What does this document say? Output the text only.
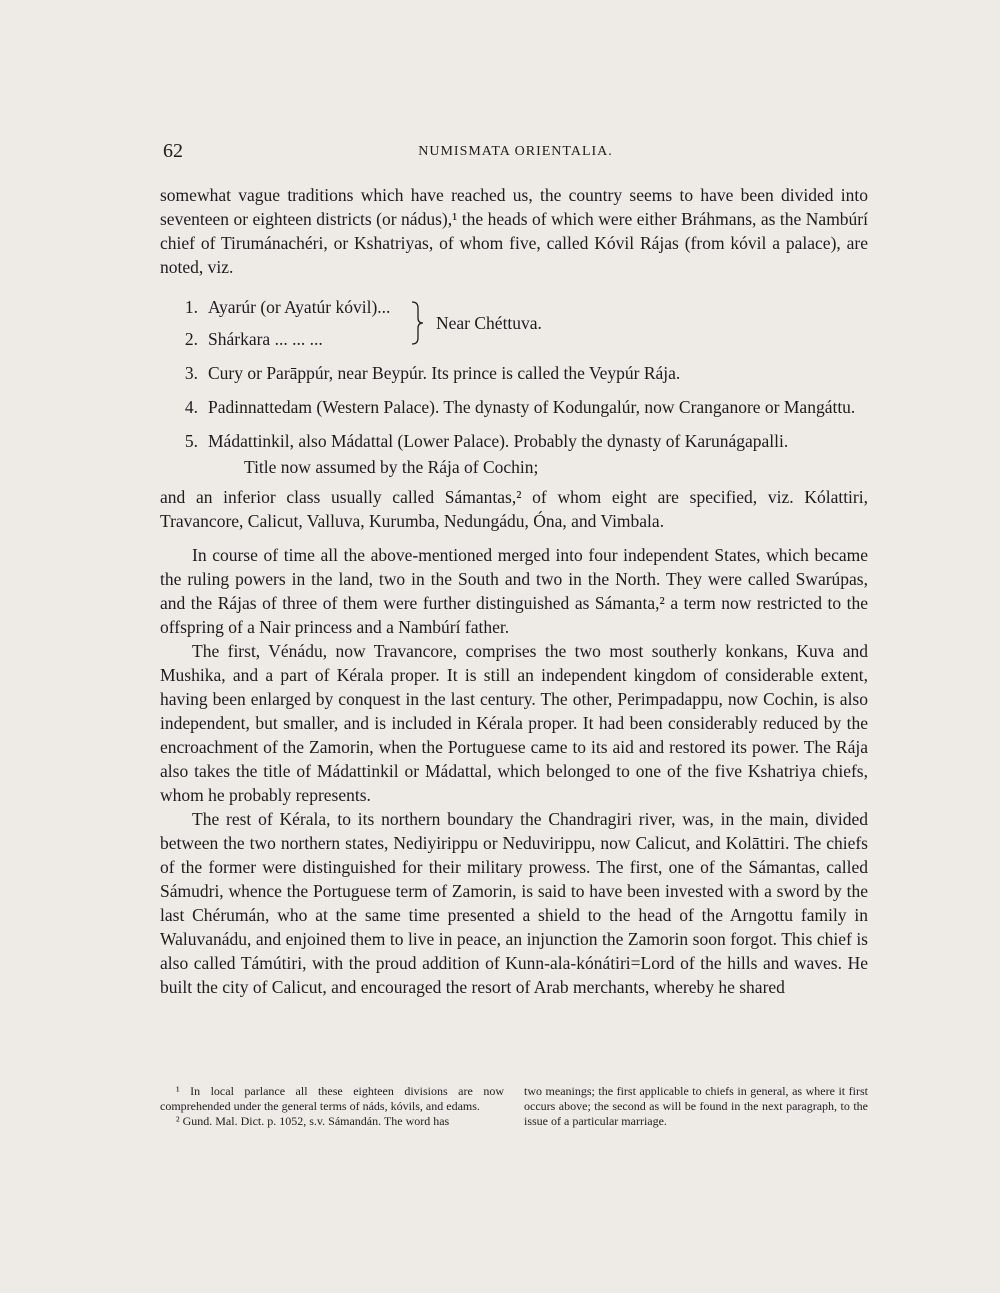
62	NUMISMATA ORIENTALIA.

somewhat vague traditions which have reached us, the country seems to have been divided into seventeen or eighteen districts (or nádus),¹ the heads of which were either Bráhmans, as the Nambúrí chief of Tirumánachéri, or Kshatriyas, of whom five, called Kóvil Rájas (from kóvil a palace), are noted, viz.

1. Ayarúr (or Ayatúr kóvil)...
2. Shárkara ... ... ...
Near Chéttuva.
3. Cury or Parāppúr, near Beypúr. Its prince is called the Veypúr Rája.
4. Padinnattedam (Western Palace). The dynasty of Kodungalúr, now Cranganore or Mangáttu.
5. Mádattinkil, also Mádattal (Lower Palace). Probably the dynasty of Karunágapalli.
Title now assumed by the Rája of Cochin;

and an inferior class usually called Sámantas,² of whom eight are specified, viz. Kólattiri, Travancore, Calicut, Valluva, Kurumba, Nedungádu, Óna, and Vimbala.

In course of time all the above-mentioned merged into four independent States, which became the ruling powers in the land, two in the South and two in the North. They were called Swarúpas, and the Rájas of three of them were further distinguished as Sámanta,² a term now restricted to the offspring of a Nair princess and a Nambúrí father.

The first, Vénádu, now Travancore, comprises the two most southerly konkans, Kuva and Mushika, and a part of Kérala proper. It is still an independent kingdom of considerable extent, having been enlarged by conquest in the last century. The other, Perimpadappu, now Cochin, is also independent, but smaller, and is included in Kérala proper. It had been considerably reduced by the encroachment of the Zamorin, when the Portuguese came to its aid and restored its power. The Rája also takes the title of Mádattinkil or Mádattal, which belonged to one of the five Kshatriya chiefs, whom he probably represents.

The rest of Kérala, to its northern boundary the Chandragiri river, was, in the main, divided between the two northern states, Nediyirippu or Neduvirippu, now Calicut, and Kolāttiri. The chiefs of the former were distinguished for their military prowess. The first, one of the Sámantas, called Sámudri, whence the Portuguese term of Zamorin, is said to have been invested with a sword by the last Chérumán, who at the same time presented a shield to the head of the Arngottu family in Waluvanádu, and enjoined them to live in peace, an injunction the Zamorin soon forgot. This chief is also called Támútiri, with the proud addition of Kunn-ala-kónátiri=Lord of the hills and waves. He built the city of Calicut, and encouraged the resort of Arab merchants, whereby he shared

¹ In local parlance all these eighteen divisions are now comprehended under the general terms of náds, kóvils, and edams.

² Gund. Mal. Dict. p. 1052, s.v. Sámandán. The word has

two meanings; the first applicable to chiefs in general, as where it first occurs above; the second as will be found in the next paragraph, to the issue of a particular marriage.
